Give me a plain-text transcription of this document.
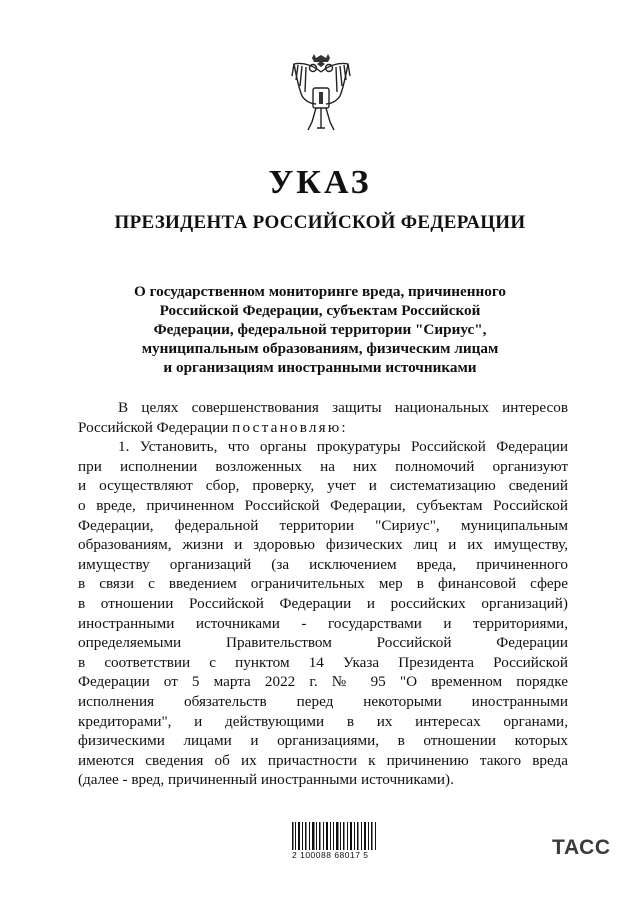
УКАЗ
ПРЕЗИДЕНТА РОССИЙСКОЙ ФЕДЕРАЦИИ
О государственном мониторинге вреда, причиненного
Российской Федерации, субъектам Российской
Федерации, федеральной территории "Сириус",
муниципальным образованиям, физическим лицам
и организациям иностранными источниками
В целях совершенствования защиты национальных интересов
Российской Федерации постановляю:
1. Установить, что органы прокуратуры Российской Федерации
при исполнении возложенных на них полномочий организуют
и осуществляют сбор, проверку, учет и систематизацию сведений
о вреде, причиненном Российской Федерации, субъектам Российской
Федерации, федеральной территории "Сириус", муниципальным
образованиям, жизни и здоровью физических лиц и их имуществу,
имуществу организаций (за исключением вреда, причиненного
в связи с введением ограничительных мер в финансовой сфере
в отношении Российской Федерации и российских организаций)
иностранными источниками - государствами и территориями,
определяемыми Правительством Российской Федерации
в соответствии с пунктом 14 Указа Президента Российской
Федерации от 5 марта 2022 г. № 95 "О временном порядке
исполнения обязательств перед некоторыми иностранными
кредиторами", и действующими в их интересах органами,
физическими лицами и организациями, в отношении которых
имеются сведения об их причастности к причинению такого вреда
(далее - вред, причиненный иностранными источниками).
2 100088 68017 5	ТАСС
